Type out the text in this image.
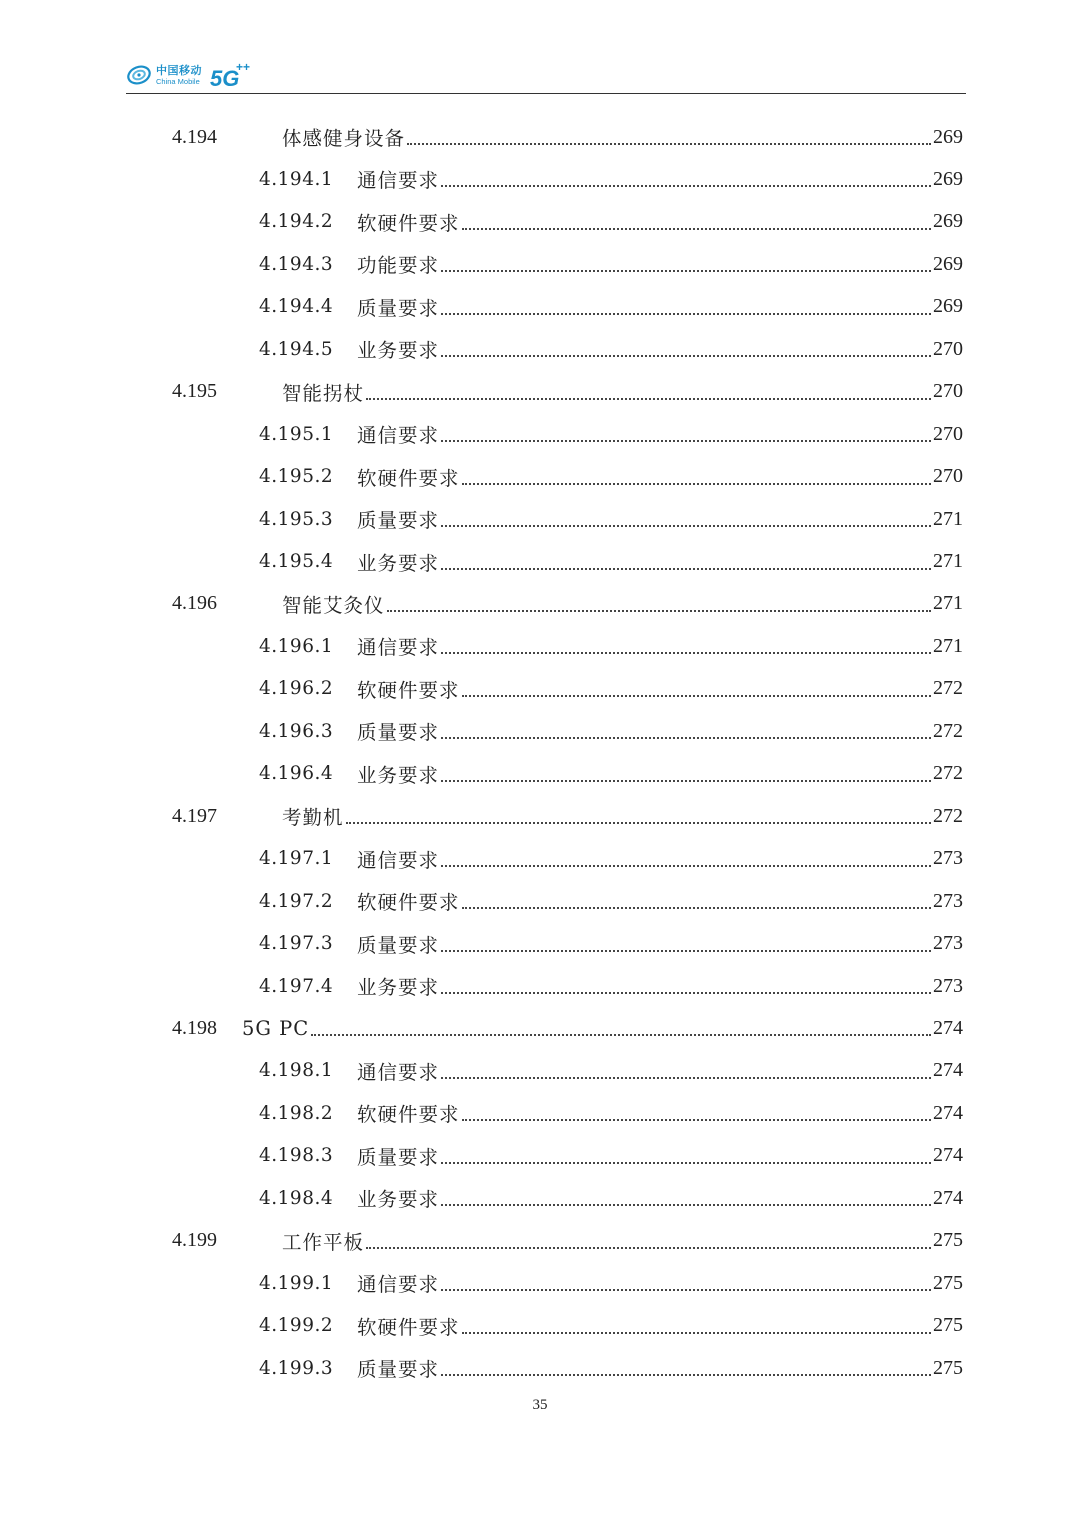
中国移动
China Mobile 5G
++
4.194	体感健身设备	269
4.194.1	通信要求	269
4.194.2	软硬件要求	269
4.194.3	功能要求	269
4.194.4	质量要求	269
4.194.5	业务要求	270
4.195	智能拐杖	270
4.195.1	通信要求	270
4.195.2	软硬件要求	270
4.195.3	质量要求	271
4.195.4	业务要求	271
4.196	智能艾灸仪	271
4.196.1	通信要求	271
4.196.2	软硬件要求	272
4.196.3	质量要求	272
4.196.4	业务要求	272
4.197	考勤机	272
4.197.1	通信要求	273
4.197.2	软硬件要求	273
4.197.3	质量要求	273
4.197.4	业务要求	273
4.198	5G PC	274
4.198.1	通信要求	274
4.198.2	软硬件要求	274
4.198.3	质量要求	274
4.198.4	业务要求	274
4.199	工作平板	275
4.199.1	通信要求	275
4.199.2	软硬件要求	275
4.199.3	质量要求	275
35
